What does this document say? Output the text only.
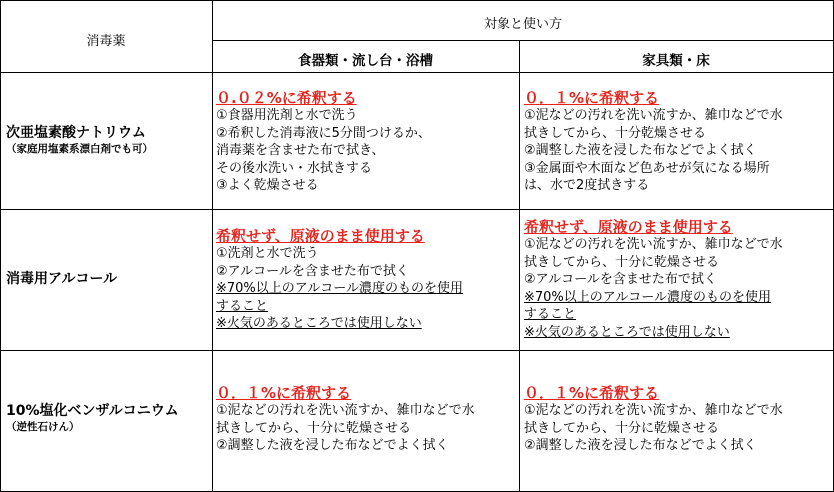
消毒薬
対象と使い方
食器類・流し台・浴槽	家具類・床
次亜塩素酸ナトリウム
（家庭用塩素系漂白剤でも可）
０.０２%に希釈する
①食器用洗剤と水で洗う
②希釈した消毒液に5分間つけるか、
消毒薬を含ませた布で拭き、
その後水洗い・水拭きする
③よく乾燥させる
０．１%に希釈する
①泥などの汚れを洗い流すか、雑巾などで水
拭きしてから、十分乾燥させる
②調整した液を浸した布などでよく拭く
③金属面や木面など色あせが気になる場所
は、水で2度拭きする
消毒用アルコール
希釈せず、原液のまま使用する
①洗剤と水で洗う
②アルコールを含ませた布で拭く
※70%以上のアルコール濃度のものを使用
すること
※火気のあるところでは使用しない
希釈せず、原液のまま使用する
①泥などの汚れを洗い流すか、雑巾などで水
拭きしてから、十分に乾燥させる
②アルコールを含ませた布で拭く
※70%以上のアルコール濃度のものを使用
すること
※火気のあるところでは使用しない
10%塩化ベンザルコニウム
（逆性石けん）
０．１%に希釈する
①泥などの汚れを洗い流すか、雑巾などで水
拭きしてから、十分に乾燥させる
②調整した液を浸した布などでよく拭く
０．１%に希釈する
①泥などの汚れを洗い流すか、雑巾などで水
拭きしてから、十分に乾燥させる
②調整した液を浸した布などでよく拭く
